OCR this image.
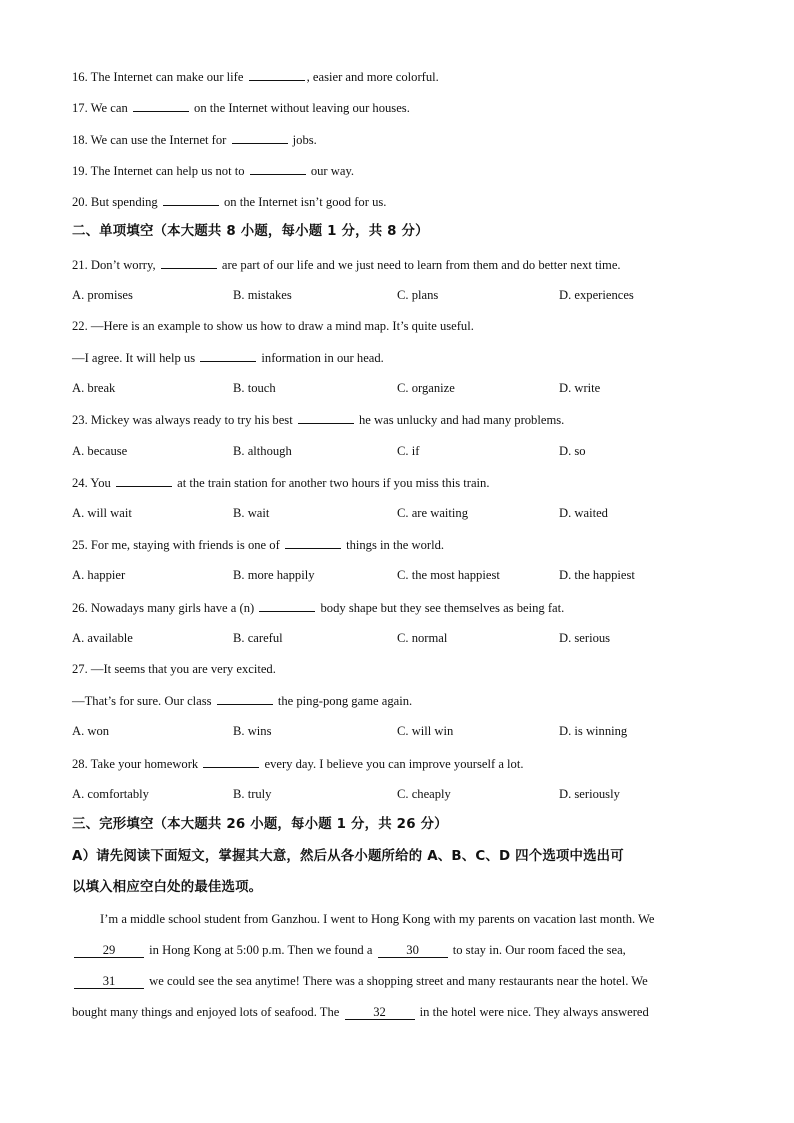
16. The Internet can make our life	, easier and more colorful.
17. We can	on the Internet without leaving our houses.
18. We can use the Internet for	jobs.
19. The Internet can help us not to	our way.
20. But spending	on the Internet isn’t good for us.
二、单项填空（本大题共 8 小题，每小题 1 分，共 8 分）
21. Don’t worry,	are part of our life and we just need to learn from them and do better next time.
A. promises	B. mistakes	C. plans	D. experiences
22. —Here is an example to show us how to draw a mind map. It’s quite useful.
—I agree. It will help us	information in our head.
A. break	B. touch	C. organize	D. write
23. Mickey was always ready to try his best	he was unlucky and had many problems.
A. because	B. although	C. if	D. so
24. You	at the train station for another two hours if you miss this train.
A. will wait	B. wait	C. are waiting	D. waited
25. For me, staying with friends is one of	things in the world.
A. happier	B. more happily	C. the most happiest	D. the happiest
26. Nowadays many girls have a (n)	body shape but they see themselves as being fat.
A. available	B. careful	C. normal	D. serious
27. —It seems that you are very excited.
—That’s for sure. Our class	the ping-pong game again.
A. won	B. wins	C. will win	D. is winning
28. Take your homework	every day. I believe you can improve yourself a lot.
A. comfortably	B. truly	C. cheaply	D. seriously
三、完形填空（本大题共 26 小题，每小题 1 分，共 26 分）
A）请先阅读下面短文，掌握其大意，然后从各小题所给的 A、B、C、D 四个选项中选出可
以填入相应空白处的最佳选项。
I’m a middle school student from Ganzhou. I went to Hong Kong with my parents on vacation last month. We
29 in Hong Kong at 5:00 p.m. Then we found a 30 to stay in. Our room faced the sea,
31 we could see the sea anytime! There was a shopping street and many restaurants near the hotel. We
bought many things and enjoyed lots of seafood. The 32 in the hotel were nice. They always answered
